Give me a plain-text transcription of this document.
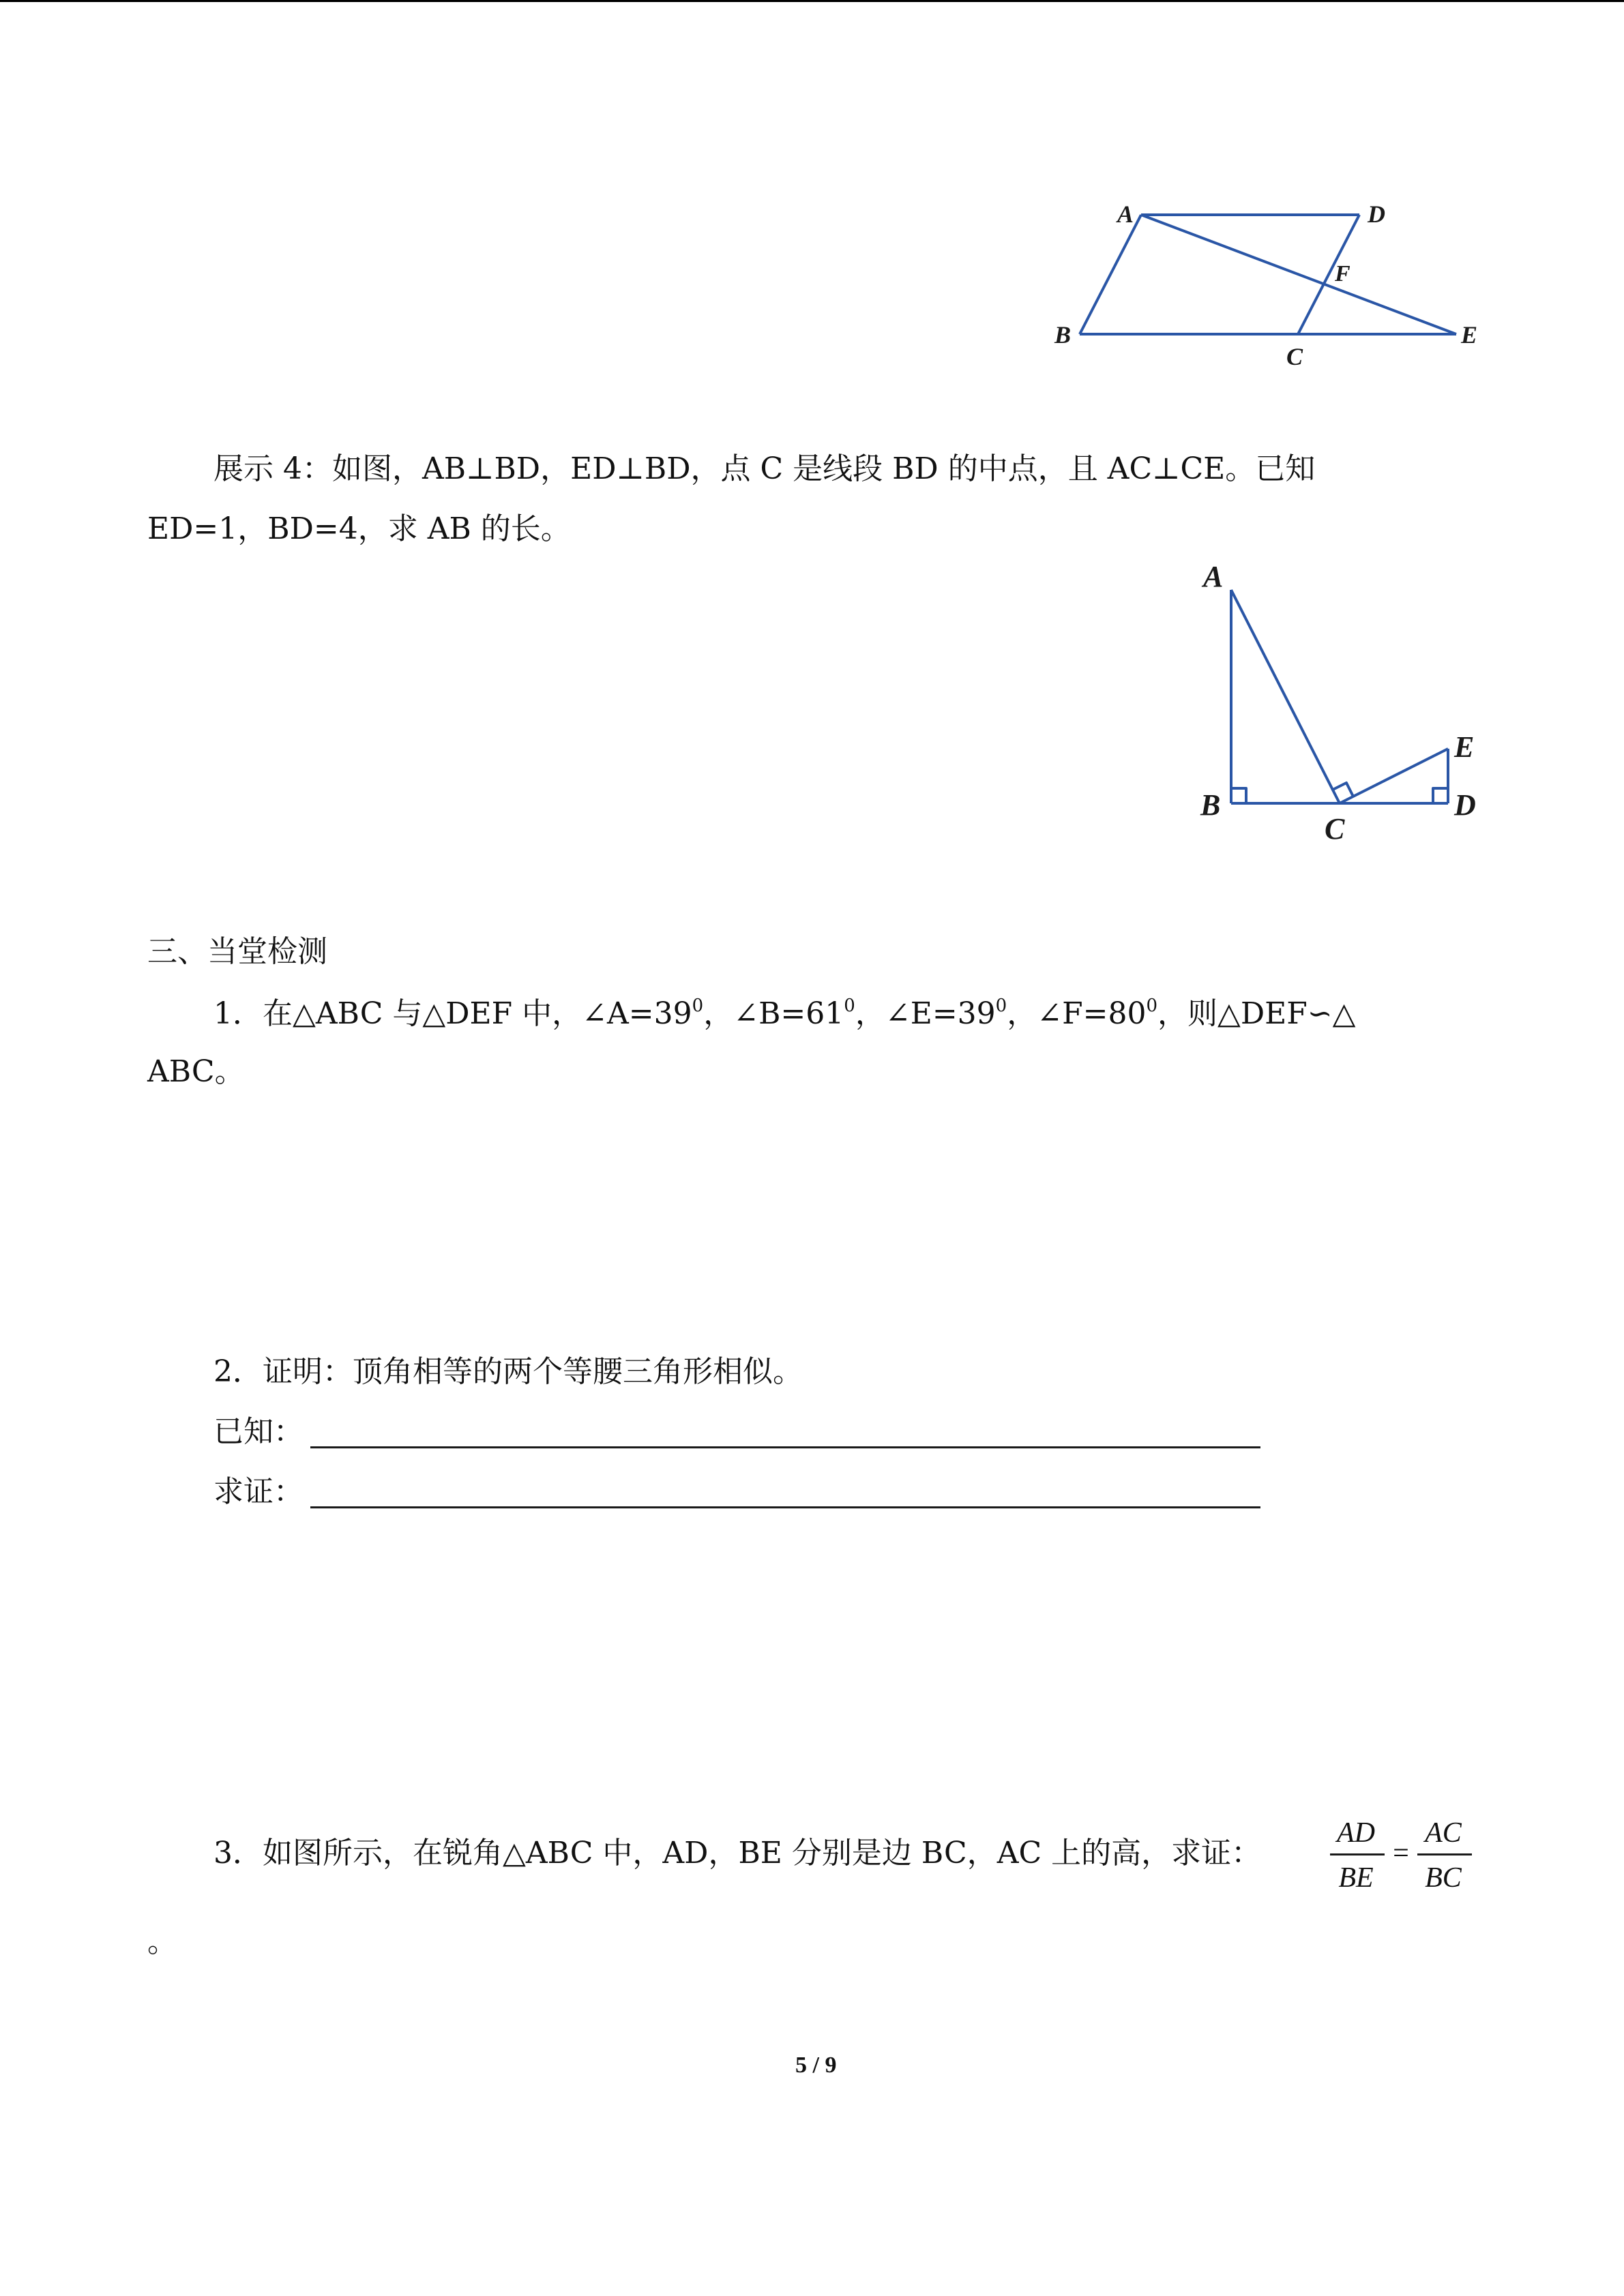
A	D
F
B
C
E
展示 4：如图，AB⊥BD，ED⊥BD，点 C 是线段 BD 的中点，且 AC⊥CE。已知
ED=1，BD=4，求 AB 的长。
A
E
B
C
D
三、当堂检测
1．在△ABC 与△DEF 中，$\angle A=39^0$，$\angle B=61^0$，$\angle E=39^0$，$\angle F=80^0$，则△DEF∽△
ABC。
2．证明：顶角相等的两个等腰三角形相似。
已知：
求证：
3．如图所示，在锐角△ABC 中，AD，BE 分别是边 BC，AC 上的高，求证：
AD
BE
=
AC
BC
。
5 / 9
